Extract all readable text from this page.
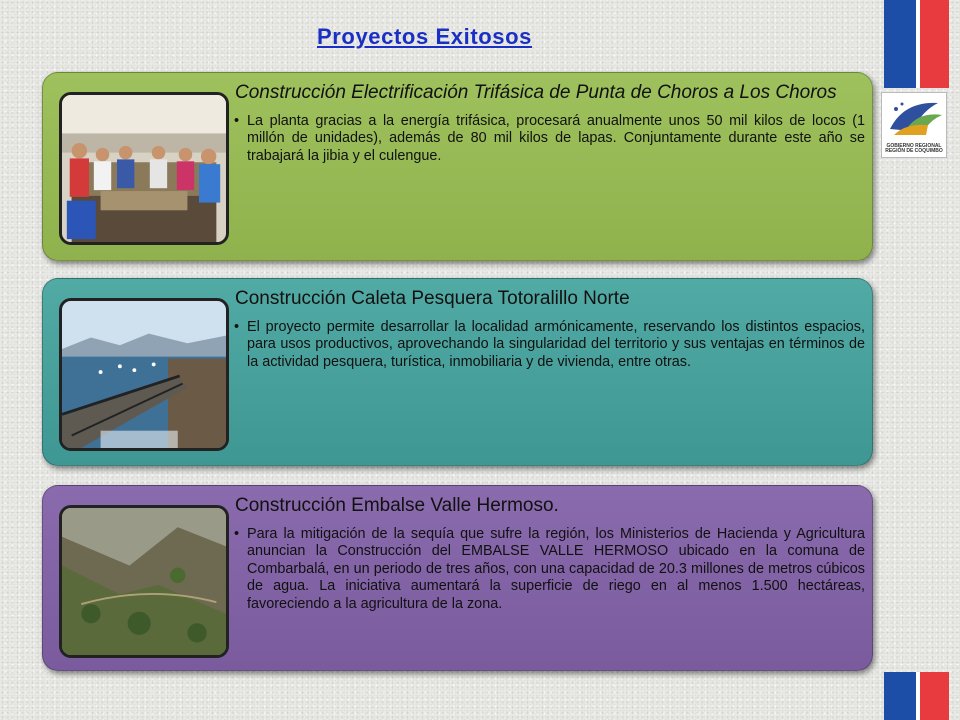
Proyectos Exitosos
GOBIERNO REGIONAL REGIÓN DE COQUIMBO
Construcción Electrificación Trifásica de Punta de Choros a Los Choros
• La planta gracias a la energía trifásica, procesará anualmente unos 50 mil kilos de locos (1 millón de unidades), además de 80 mil kilos de lapas. Conjuntamente durante este año se trabajará la jibia y el culengue.
Construcción Caleta Pesquera Totoralillo Norte
• El proyecto permite desarrollar la localidad armónicamente, reservando los distintos espacios, para usos productivos, aprovechando la singularidad del territorio y sus ventajas en términos de la actividad pesquera, turística, inmobiliaria y de vivienda, entre otras.
Construcción Embalse Valle Hermoso.
• Para la mitigación de la sequía que sufre la región, los Ministerios de Hacienda y Agricultura anuncian la Construcción del EMBALSE VALLE HERMOSO ubicado en la comuna de Combarbalá, en un periodo de tres años, con una capacidad de 20.3 millones de metros cúbicos de agua. La iniciativa aumentará la superficie de riego en al menos 1.500 hectáreas, favoreciendo a la agricultura de la zona.
